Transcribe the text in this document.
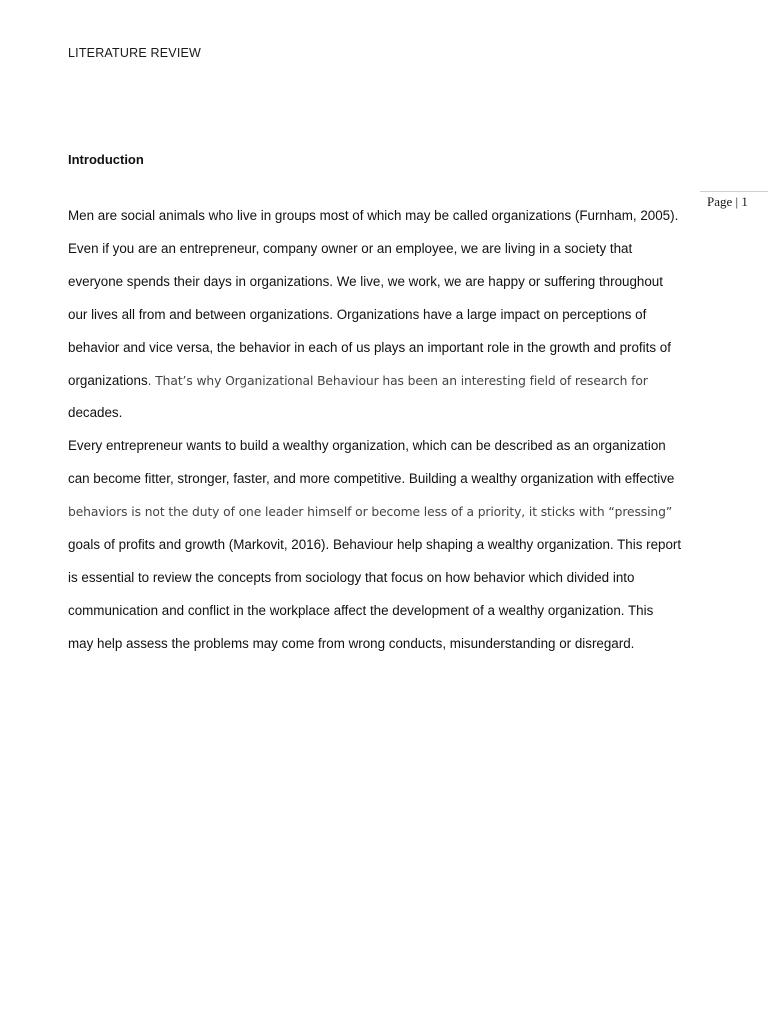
LITERATURE REVIEW
Page | 1
Introduction

Men are social animals who live in groups most of which may be called organizations (Furnham, 2005).
Even if you are an entrepreneur, company owner or an employee, we are living in a society that
everyone spends their days in organizations. We live, we work, we are happy or suffering throughout
our lives all from and between organizations. Organizations have a large impact on perceptions of
behavior and vice versa, the behavior in each of us plays an important role in the growth and profits of
organizations. That’s why Organizational Behaviour has been an interesting field of research for
decades.

Every entrepreneur wants to build a wealthy organization, which can be described as an organization
can become fitter, stronger, faster, and more competitive. Building a wealthy organization with effective
behaviors is not the duty of one leader himself or become less of a priority, it sticks with “pressing”
goals of profits and growth (Markovit, 2016). Behaviour help shaping a wealthy organization. This report
is essential to review the concepts from sociology that focus on how behavior which divided into
communication and conflict in the workplace affect the development of a wealthy organization. This
may help assess the problems may come from wrong conducts, misunderstanding or disregard.
